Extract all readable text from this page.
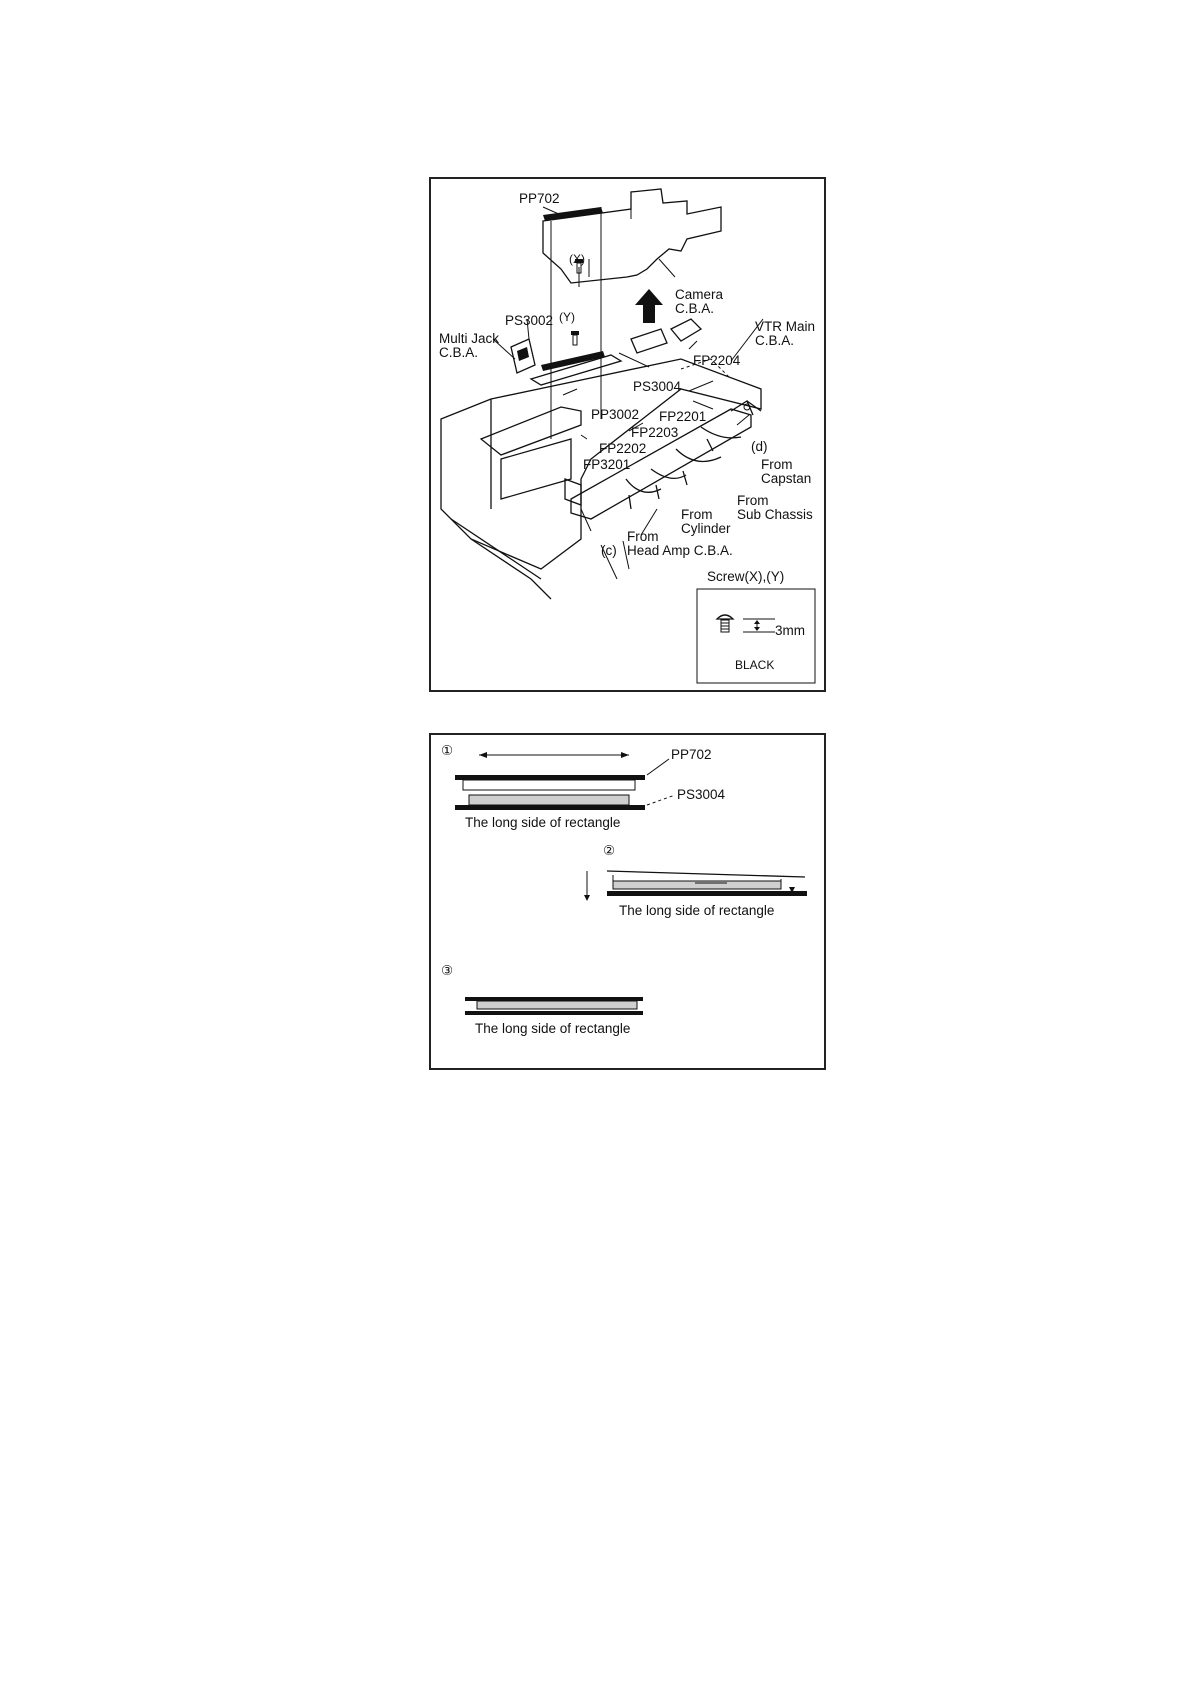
PP702
(X)
(Y)
Camera
C.B.A.
PS3002
Multi Jack
C.B.A.
VTR Main
C.B.A.
FP2204
PS3004
PP3002 FP2201
FP2203
(d)
FP2202
From
Capstan
FP3201
From
Sub Chassis
From
Cylinder
From
Head Amp C.B.A.
(c)
Screw(X),(Y)
3mm
BLACK
①	PP702
PS3004
The long side of rectangle
②
The long side of rectangle
③
The long side of rectangle
